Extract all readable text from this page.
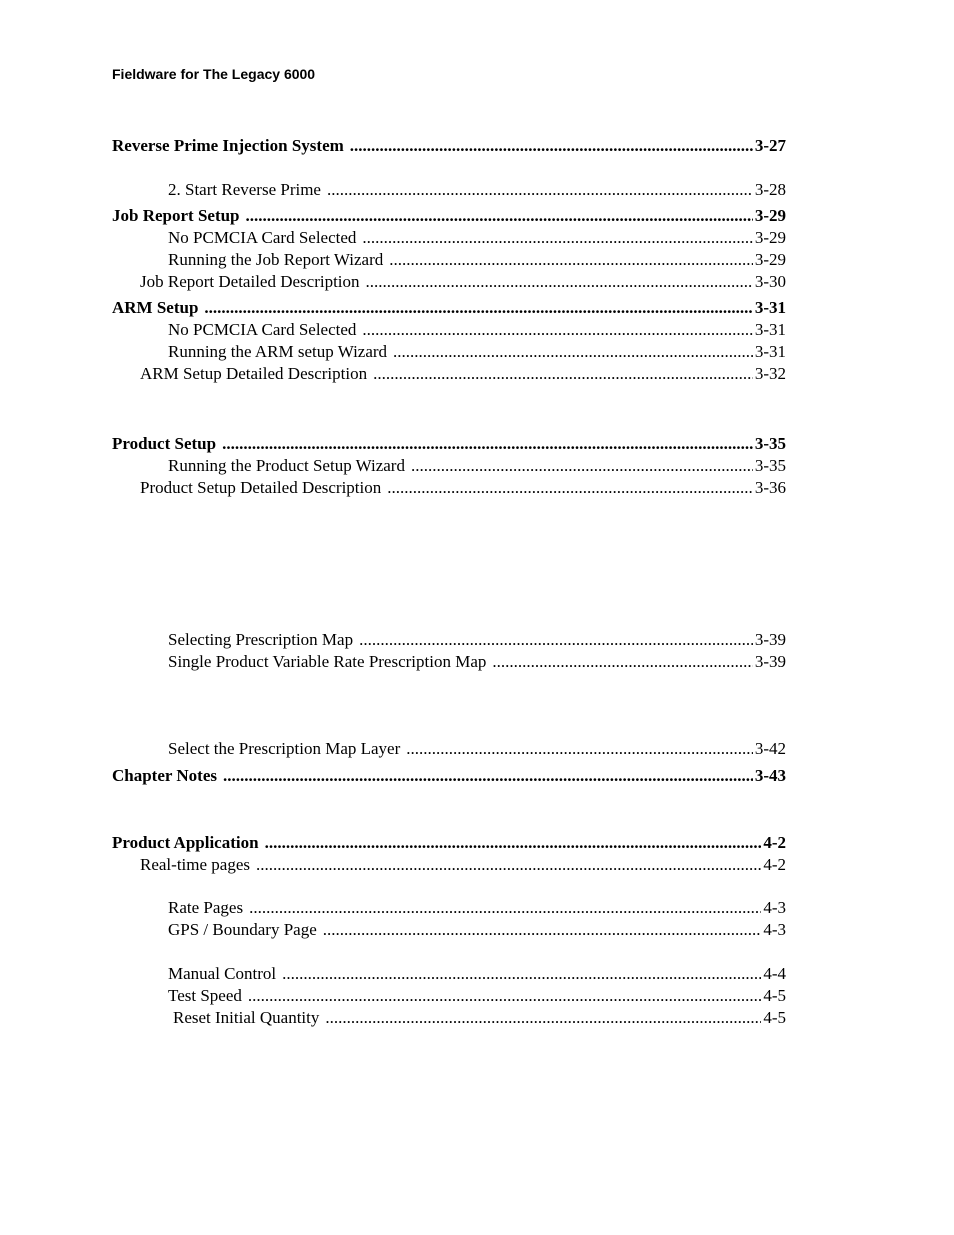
Fieldware for The Legacy 6000
Reverse Prime Injection System .....	3-27
2. Start Reverse Prime .....	3-28
Job Report Setup .....	3-29
No PCMCIA Card Selected .....	3-29
Running the Job Report Wizard .....	3-29
Job Report Detailed Description .....	3-30
ARM Setup .....	3-31
No PCMCIA Card Selected .....	3-31
Running the ARM setup Wizard .....	3-31
ARM Setup Detailed Description .....	3-32
Product Setup .....	3-35
Running the Product Setup Wizard .....	3-35
Product Setup Detailed Description .....	3-36
Selecting Prescription Map .....	3-39
Single Product Variable Rate Prescription Map .....	3-39
Select the Prescription Map Layer .....	3-42
Chapter Notes .....	3-43
Product Application .....	4-2
Real-time pages .....	4-2
Rate Pages .....	4-3
GPS / Boundary Page .....	4-3
Manual Control .....	4-4
Test Speed .....	4-5
Reset Initial Quantity .....	4-5
